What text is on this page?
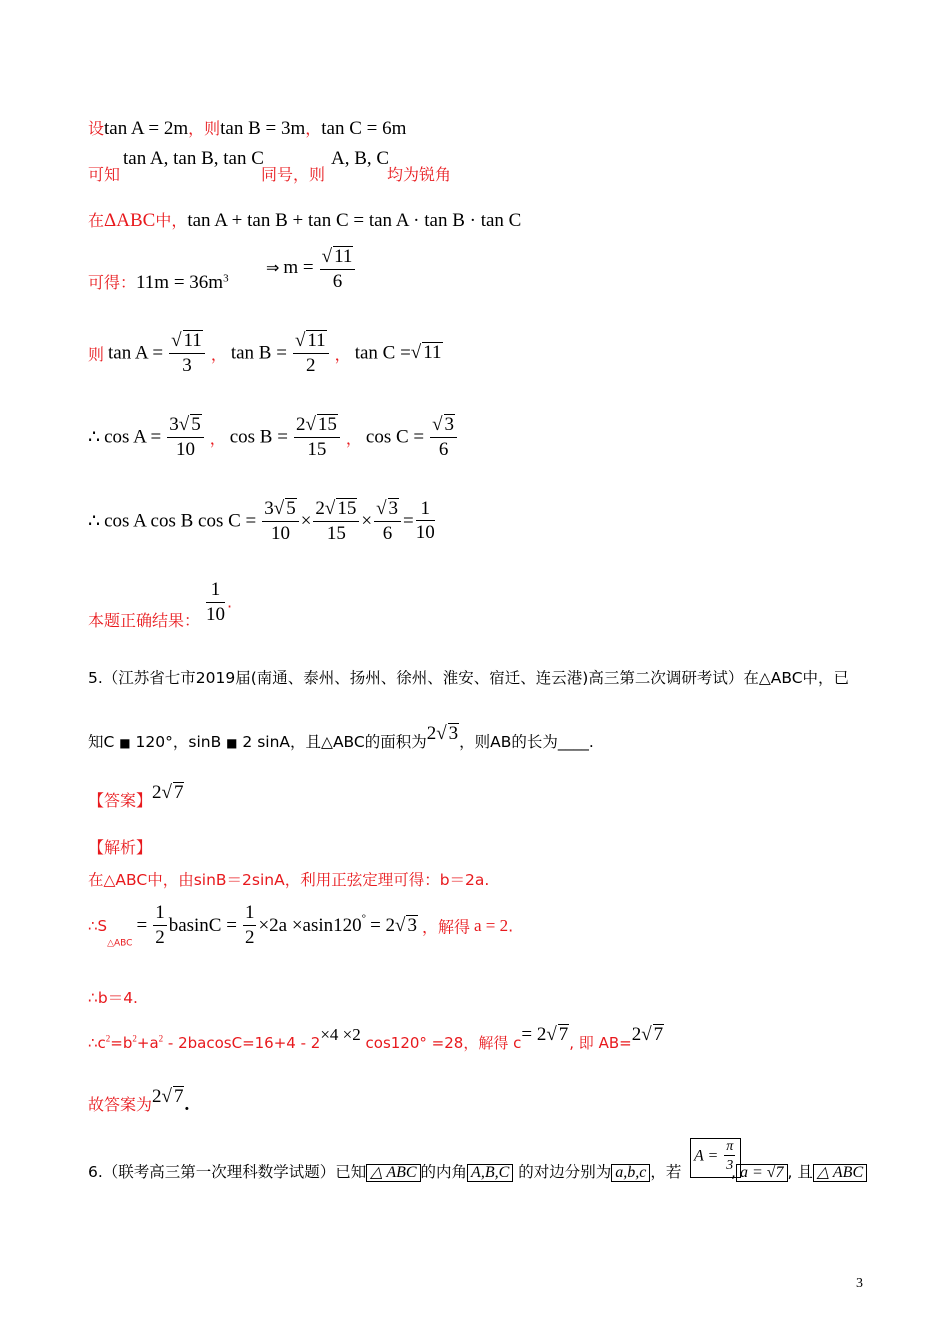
设tan A = 2m，则tan B = 3m，tan C = 6m
可知
tan A, tan B, tan C
同号，则
A, B, C
均为锐角
在ΔABC中，tan A + tan B + tan C = tan A · tan B · tan C
可得：$11m = 36m^3$
⇒ $m = \frac{√ 11}{6}$
则 $\tan A = \frac{√ 11}{3}$ ， $\tan B = \frac{√ 11}{2}$ ， tan C =√ 11
∴ $\cos A = \frac{3√ 5}{10}$ ， $\cos B = \frac{2√ 15}{15}$ ， $\cos C = \frac{√ 3}{6}$
∴ cos A cos B $\cos C = \frac{3√ 5}{10} \times \frac{2√ 15}{15} \times \frac{√ 3}{6} = \frac{1}{10}$
本题正确结果： $\frac{1}{10}$ .
5.（江苏省七市2019届(南通、泰州、扬州、徐州、淮安、宿迁、连云港)高三第二次调研考试）在△ABC中，已
知C ■ 120°，sinB ■ 2 sinA，且△ABC的面积为2√ 3，则AB的长为____.
【答案】2√ 7
【解析】
在△ABC中，由sinB＝2sinA，利用正弦定理可得：b＝2a.
$\therefore S_{\triangle ABC} = \frac{1}{2}$ $basinC = \frac{1}{2} \times 2a \times asin120^\circ = 2√$ 3 ，解得 a = 2.
∴b＝4.
$\therefore c^2=b^2+a^2 - 2bacosC=16+4 - 2\times 4 \times 2$ cos120° =28，解得 c= 2√ 7, 即 AB=2√ 7
故答案为2√ 7.
6.（联考高三第一次理科数学试题）已知 △ ABC 的内角 A,B,C 的对边分别为 a,b,c ，若
$A = \frac{\pi}{3}$
, a = √7 , 且 △ ABC
3
